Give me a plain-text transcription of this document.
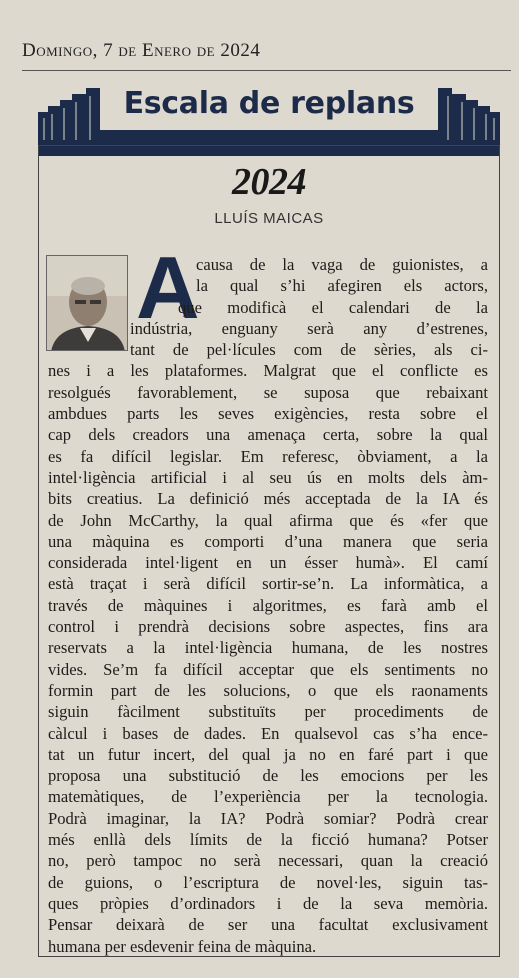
Domingo, 7 de Enero de 2024
Escala de replans
2024
LLUÍS MAICAS
A
causa de la vaga de guionistes, a
la qual s’hi afegiren els actors,
que modificà el calendari de la
indústria, enguany serà any d’estrenes,
tant de pel·lícules com de sèries, als ci-
nes i a les plataformes. Malgrat que el conflicte es
resolgués favorablement, se suposa que rebaixant
ambdues parts les seves exigències, resta sobre el
cap dels creadors una amenaça certa, sobre la qual
es fa difícil legislar. Em referesc, òbviament, a la
intel·ligència artificial i al seu ús en molts dels àm-
bits creatius. La definició més acceptada de la IA és
de John McCarthy, la qual afirma que és «fer que
una màquina es comporti d’una manera que seria
considerada intel·ligent en un ésser humà». El camí
està traçat i serà difícil sortir-se’n. La informàtica, a
través de màquines i algoritmes, es farà amb el
control i prendrà decisions sobre aspectes, fins ara
reservats a la intel·ligència humana, de les nostres
vides. Se’m fa difícil acceptar que els sentiments no
formin part de les solucions, o que els raonaments
siguin fàcilment substituïts per procediments de
càlcul i bases de dades. En qualsevol cas s’ha ence-
tat un futur incert, del qual ja no en faré part i que
proposa una substitució de les emocions per les
matemàtiques, de l’experiència per la tecnologia.
Podrà imaginar, la IA? Podrà somiar? Podrà crear
més enllà dels límits de la ficció humana? Potser
no, però tampoc no serà necessari, quan la creació
de guions, o l’escriptura de novel·les, siguin tas-
ques pròpies d’ordinadors i de la seva memòria.
Pensar deixarà de ser una facultat exclusivament
humana per esdevenir feina de màquina.
